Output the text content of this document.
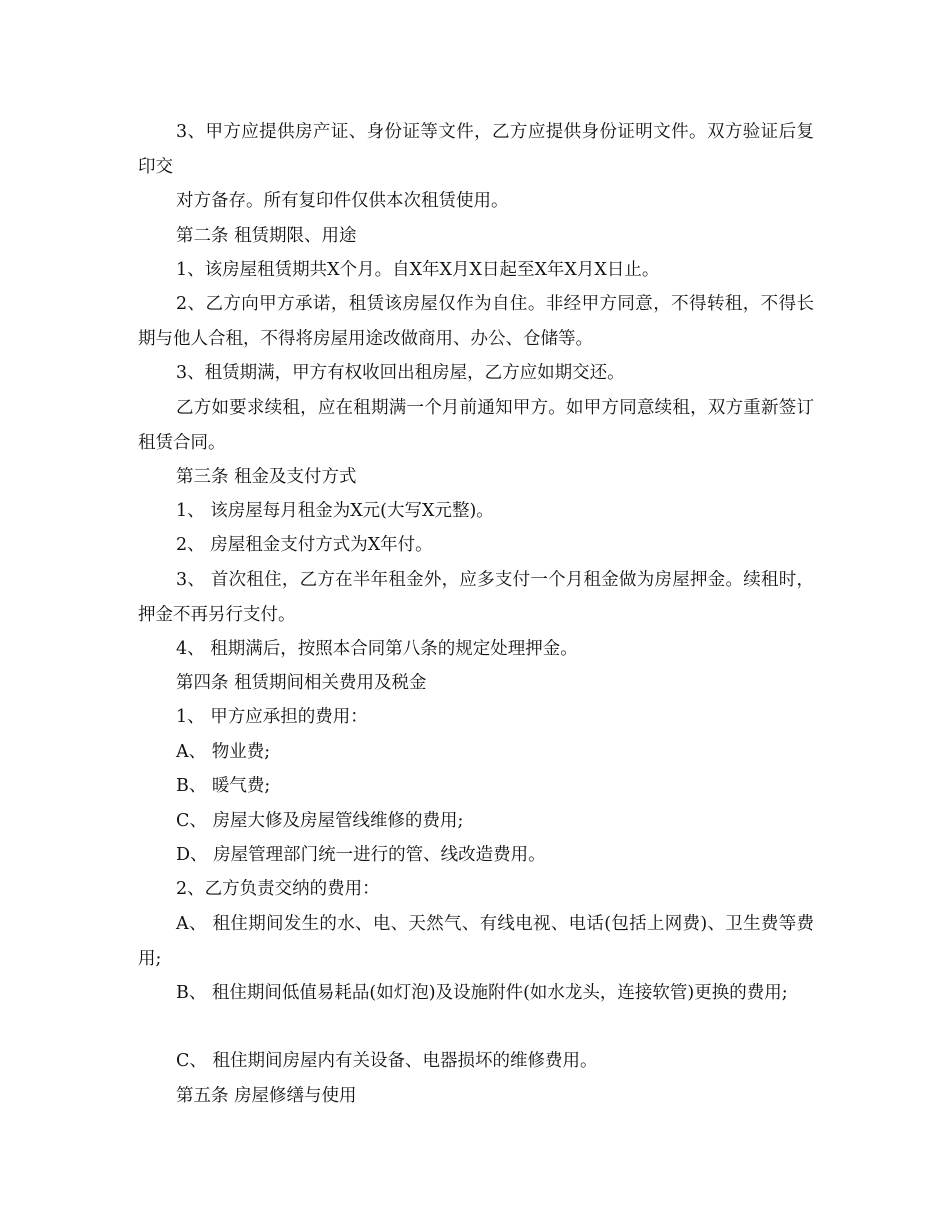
3、甲方应提供房产证、身份证等文件，乙方应提供身份证明文件。双方验证后复印交

对方备存。所有复印件仅供本次租赁使用。

第二条 租赁期限、用途

1、该房屋租赁期共X个月。自X年X月X日起至X年X月X日止。

2、乙方向甲方承诺，租赁该房屋仅作为自住。非经甲方同意，不得转租，不得长期与他人合租，不得将房屋用途改做商用、办公、仓储等。

3、租赁期满，甲方有权收回出租房屋，乙方应如期交还。

乙方如要求续租，应在租期满一个月前通知甲方。如甲方同意续租，双方重新签订租赁合同。

第三条 租金及支付方式

1、 该房屋每月租金为X元(大写X元整)。

2、 房屋租金支付方式为X年付。

3、 首次租住，乙方在半年租金外，应多支付一个月租金做为房屋押金。续租时，押金不再另行支付。

4、 租期满后，按照本合同第八条的规定处理押金。

第四条 租赁期间相关费用及税金

1、 甲方应承担的费用：

A、 物业费;

B、 暖气费;

C、 房屋大修及房屋管线维修的费用;

D、 房屋管理部门统一进行的管、线改造费用。

2、乙方负责交纳的费用：

A、 租住期间发生的水、电、天然气、有线电视、电话(包括上网费)、卫生费等费用;

B、 租住期间低值易耗品(如灯泡)及设施附件(如水龙头，连接软管)更换的费用;

C、 租住期间房屋内有关设备、电器损坏的维修费用。

第五条 房屋修缮与使用
